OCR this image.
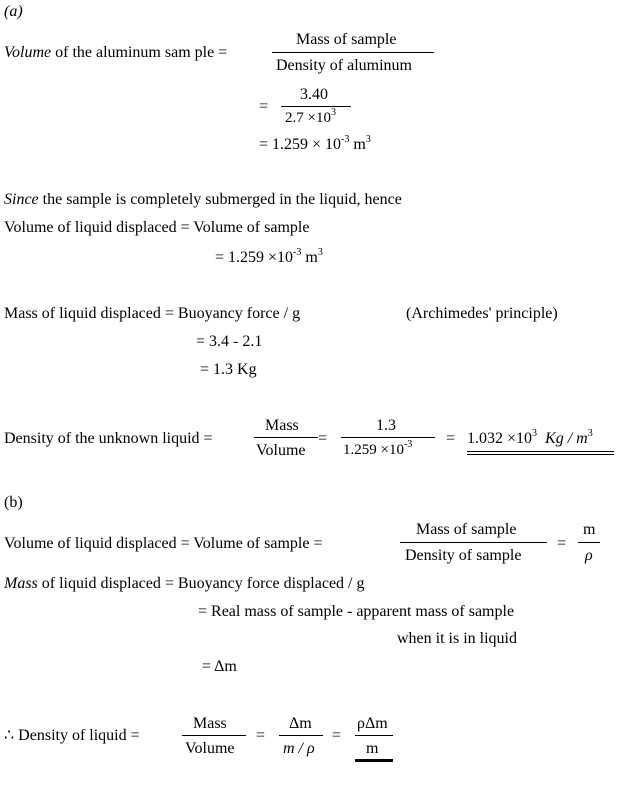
(a)
Volume of the aluminum sam ple =
Mass of sample
Density of aluminum
=
3.40
$2.7 \times 10^3$
= $1.259 \times 10^{-3}$ $m^3$
Since the sample is completely submerged in the liquid, hence
Volume of liquid displaced = Volume of sample
= $1.259 \times 10^{-3}$ $m^3$
Mass of liquid displaced = Buoyancy force / g	(Archimedes' principle)
= 3.4 - 2.1
= 1.3 Kg
Density of the unknown liquid =
Mass
Volume
=
1.3
$1.259 \times 10^{-3} = 1.032 \times 10^3$ Kg / $m^3$
(b)
Volume of liquid displaced = Volume of sample =
Mass of sample
Density of sample
=
m
ρ
Mass of liquid displaced = Buoyancy force displaced / g
= Real mass of sample - apparent mass of sample
when it is in liquid
= Δm
∴ Density of liquid =
Mass
Volume
=
Δm
m / ρ
=
ρΔm
m
